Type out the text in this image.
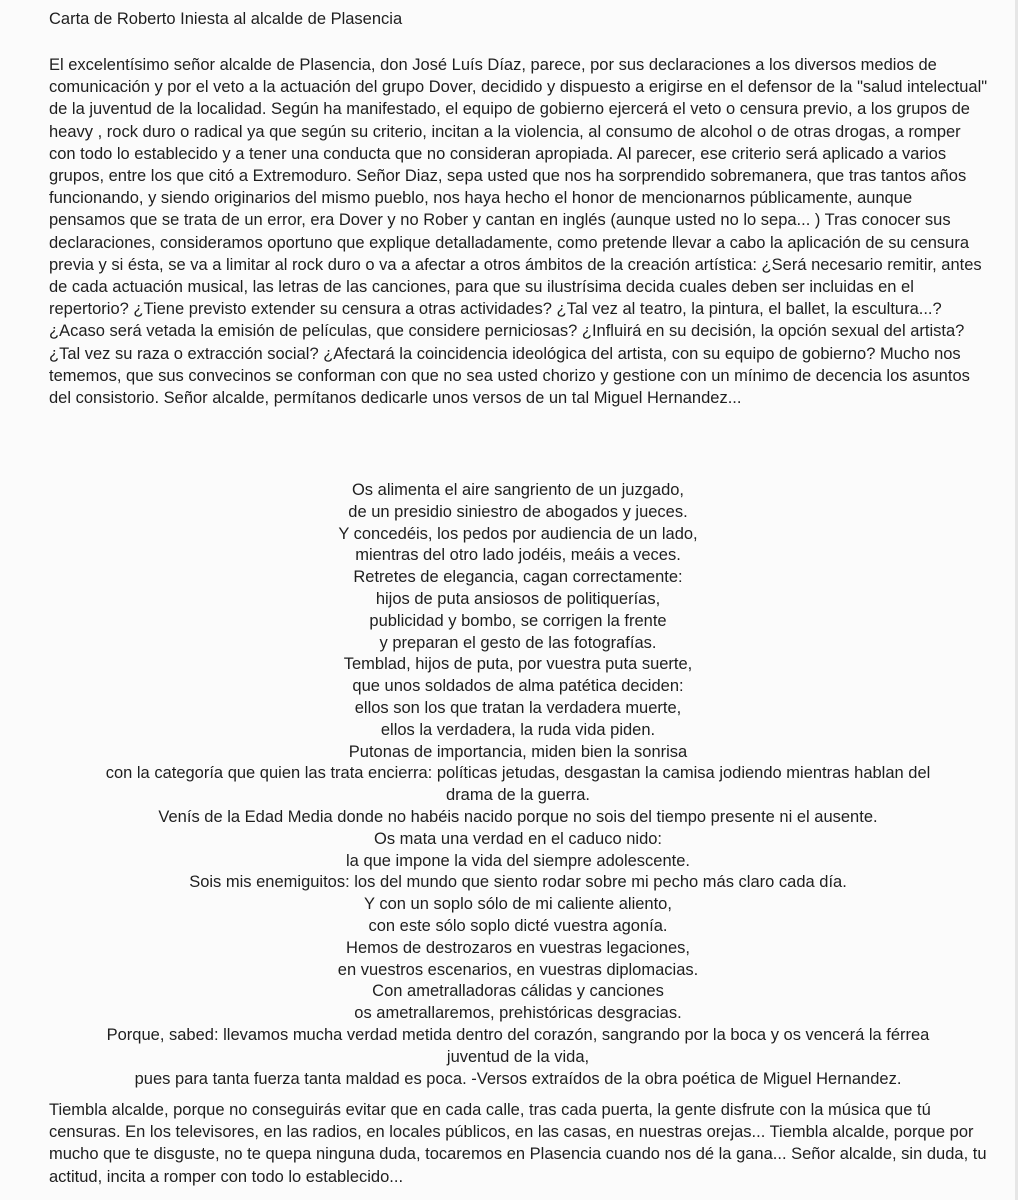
Carta de Roberto Iniesta al alcalde de Plasencia

El excelentísimo señor alcalde de Plasencia, don José Luís Díaz, parece, por sus declaraciones a los diversos medios de comunicación y por el veto a la actuación del grupo Dover, decidido y dispuesto a erigirse en el defensor de la "salud intelectual" de la juventud de la localidad. Según ha manifestado, el equipo de gobierno ejercerá el veto o censura previo, a los grupos de heavy , rock duro o radical ya que según su criterio, incitan a la violencia, al consumo de alcohol o de otras drogas, a romper con todo lo establecido y a tener una conducta que no consideran apropiada. Al parecer, ese criterio será aplicado a varios grupos, entre los que citó a Extremoduro. Señor Diaz, sepa usted que nos ha sorprendido sobremanera, que tras tantos años funcionando, y siendo originarios del mismo pueblo, nos haya hecho el honor de mencionarnos públicamente, aunque pensamos que se trata de un error, era Dover y no Rober y cantan en inglés (aunque usted no lo sepa... ) Tras conocer sus declaraciones, consideramos oportuno que explique detalladamente, como pretende llevar a cabo la aplicación de su censura previa y si ésta, se va a limitar al rock duro o va a afectar a otros ámbitos de la creación artística: ¿Será necesario remitir, antes de cada actuación musical, las letras de las canciones, para que su ilustrísima decida cuales deben ser incluidas en el repertorio? ¿Tiene previsto extender su censura a otras actividades? ¿Tal vez al teatro, la pintura, el ballet, la escultura...? ¿Acaso será vetada la emisión de películas, que considere perniciosas? ¿Influirá en su decisión, la opción sexual del artista? ¿Tal vez su raza o extracción social? ¿Afectará la coincidencia ideológica del artista, con su equipo de gobierno? Mucho nos tememos, que sus convecinos se conforman con que no sea usted chorizo y gestione con un mínimo de decencia los asuntos del consistorio. Señor alcalde, permítanos dedicarle unos versos de un tal Miguel Hernandez...

Os alimenta el aire sangriento de un juzgado,
de un presidio siniestro de abogados y jueces.
Y concedéis, los pedos por audiencia de un lado,
mientras del otro lado jodéis, meáis a veces.
Retretes de elegancia, cagan correctamente:
hijos de puta ansiosos de politiquerías,
publicidad y bombo, se corrigen la frente
y preparan el gesto de las fotografías.
Temblad, hijos de puta, por vuestra puta suerte,
que unos soldados de alma patética deciden:
ellos son los que tratan la verdadera muerte,
ellos la verdadera, la ruda vida piden.
Putonas de importancia, miden bien la sonrisa
con la categoría que quien las trata encierra: políticas jetudas, desgastan la camisa jodiendo mientras hablan del
drama de la guerra.
Venís de la Edad Media donde no habéis nacido porque no sois del tiempo presente ni el ausente.
Os mata una verdad en el caduco nido:
la que impone la vida del siempre adolescente.
Sois mis enemiguitos: los del mundo que siento rodar sobre mi pecho más claro cada día.
Y con un soplo sólo de mi caliente aliento,
con este sólo soplo dicté vuestra agonía.
Hemos de destrozaros en vuestras legaciones,
en vuestros escenarios, en vuestras diplomacias.
Con ametralladoras cálidas y canciones
os ametrallaremos, prehistóricas desgracias.
Porque, sabed: llevamos mucha verdad metida dentro del corazón, sangrando por la boca y os vencerá la férrea
juventud de la vida,
pues para tanta fuerza tanta maldad es poca. -Versos extraídos de la obra poética de Miguel Hernandez.

Tiembla alcalde, porque no conseguirás evitar que en cada calle, tras cada puerta, la gente disfrute con la música que tú censuras. En los televisores, en las radios, en locales públicos, en las casas, en nuestras orejas... Tiembla alcalde, porque por mucho que te disguste, no te quepa ninguna duda, tocaremos en Plasencia cuando nos dé la gana... Señor alcalde, sin duda, tu actitud, incita a romper con todo lo establecido...
